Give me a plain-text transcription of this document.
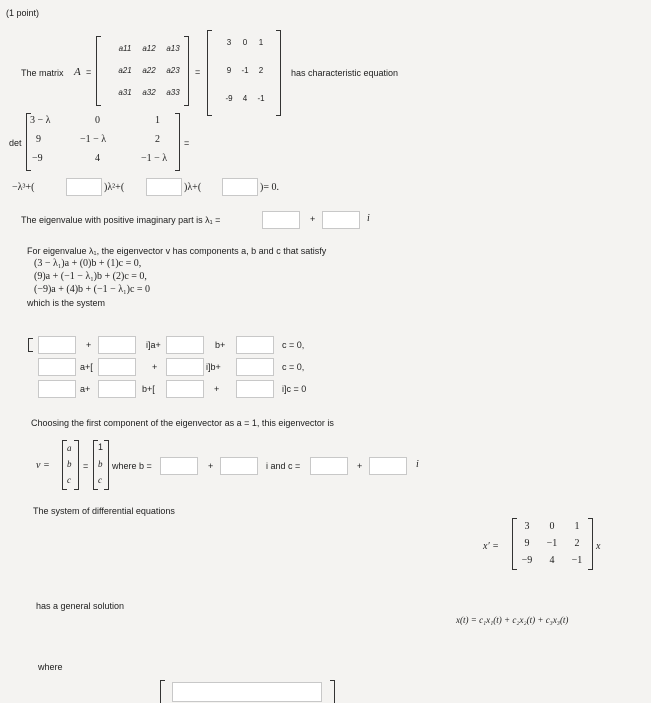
(1 point)
The matrix A =
a11	a12 a13
a21 a22 a23
a31 a32 a33
=
3	0	1
9	-1	2
-9	4	-1
has characteristic equation
det
3 − λ	0	1
9	−1 − λ	2
−9	4	−1 − λ
=
−λ³+(	)λ²+(	)λ+(	)= 0.
The eigenvalue with positive imaginary part is λ₁ =	+	i
For eigenvalue λ₁, the eigenvector v has components a, b and c that satisfy
(3 − λ₁)a + (0)b + (1)c = 0,
(9)a + (−1 − λ₁)b + (2)c = 0,
(−9)a + (4)b + (−1 − λ₁)c = 0
which is the system
+	i]a+	b+	c = 0,
a+[	+	i]b+	c = 0,
a+	b+[	+	i]c = 0
Choosing the first component of the eigenvector as a = 1, this eigenvector is
v =
a
b
c
=
1
b
c
where b =	+	i and c =	+	i
The system of differential equations
x′ =
3	0	1
9	−1	2
−9	4	−1
x
has a general solution
x(t) = c₁x₁(t) + c₂x₂(t) + c₃x₃(t)
where
